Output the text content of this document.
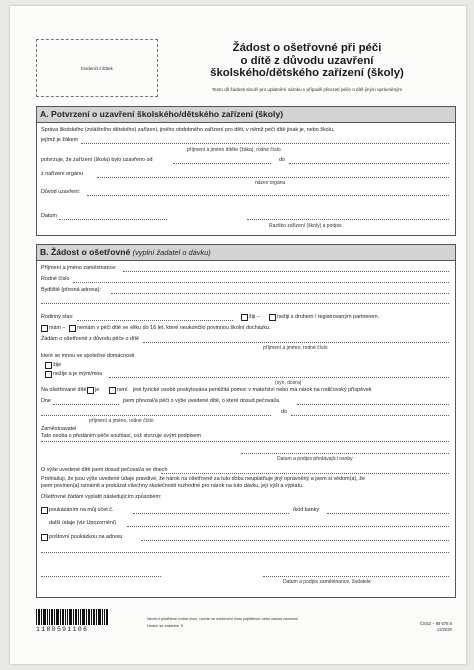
Evidenční štítek
Žádost o ošetřovné při péči
o dítě z důvodu uzavření
školského/dětského zařízení (školy)
Tento díl žádosti slouží pro uplatnění nároku v případě převzetí péče o dítě jiným oprávněným
A. Potvrzení o uzavření školského/dětského zařízení (školy)
Správa školského (zvláštního dětského) zařízení, jiného obdobného zařízení pro děti, v němž pečí dítě jinak je, nebo školu,
jejímž je žákem
příjmení a jméno dítěte (žáka), rodné číslo
potvrzuje, že zařízení (škola) bylo uzavřeno od	do
z nařízení orgánu
název orgánu
Důvod uzavření:
Datum
Razítko zařízení (školy) a podpis
B. Žádost o ošetřovné (vyplní žadatel o dávku)
Příjmení a jméno zaměstnance:
Rodné číslo
Bydliště (přesná adresa):
Rodinný stav:	žiji –	nežiji s druhem / registrovaným partnerem.
mám – nemám v péči dítě ve věku do 16 let, které neukončilo povinnou školní docházku.
Žádám o ošetřovné z důvodu péče o dítě
příjmení a jméno, rodné číslo
které se mnou ve společné domácnosti
žije
nežije a je mým/mou
(syn, dcera)
Na ošetřované dítě je	není jiné fyzické osobě poskytována peněžitá pomoc v mateřství nebo má nárok na rodičovský příspěvek
Dne	jsem převzal/a péči o výše uvedené dítě, o které dosud pečoval/a
do
příjmení a jméno, rodné číslo
Zaměstnavatel
Tato osoba s předáním péče souhlasí, což stvrzuje svým podpisem
Datum a podpis předávající osoby
O výše uvedené dítě jsem dosud pečoval/a ve dnech
Prohlašuji, že jsou výše uvedené údaje pravdivé, že nárok na ošetřovné za tuto dobu neuplatňuje jiný oprávněný a jsem si vědom(a), že
jsem povinen(a) oznámit a prokázat všechny skutečnosti rozhodné pro nárok na tuto dávku, její výši a výplatu.
Ošetřovné žádám vyplatit následujícím způsobem:
poukázáním na můj účet č.	/kód banky
další údaje (viz Upozornění)
poštovní poukázkou na adresu
Datum a podpis zaměstnance, žadatele
1180591106
Nevíš-li přidělene rodné číslo, uvede se evidenční číslo pojištěnce nebo datum narození
Hodící se zaškrtne ✕	ČSSZ – 89 678 5
12/2020
